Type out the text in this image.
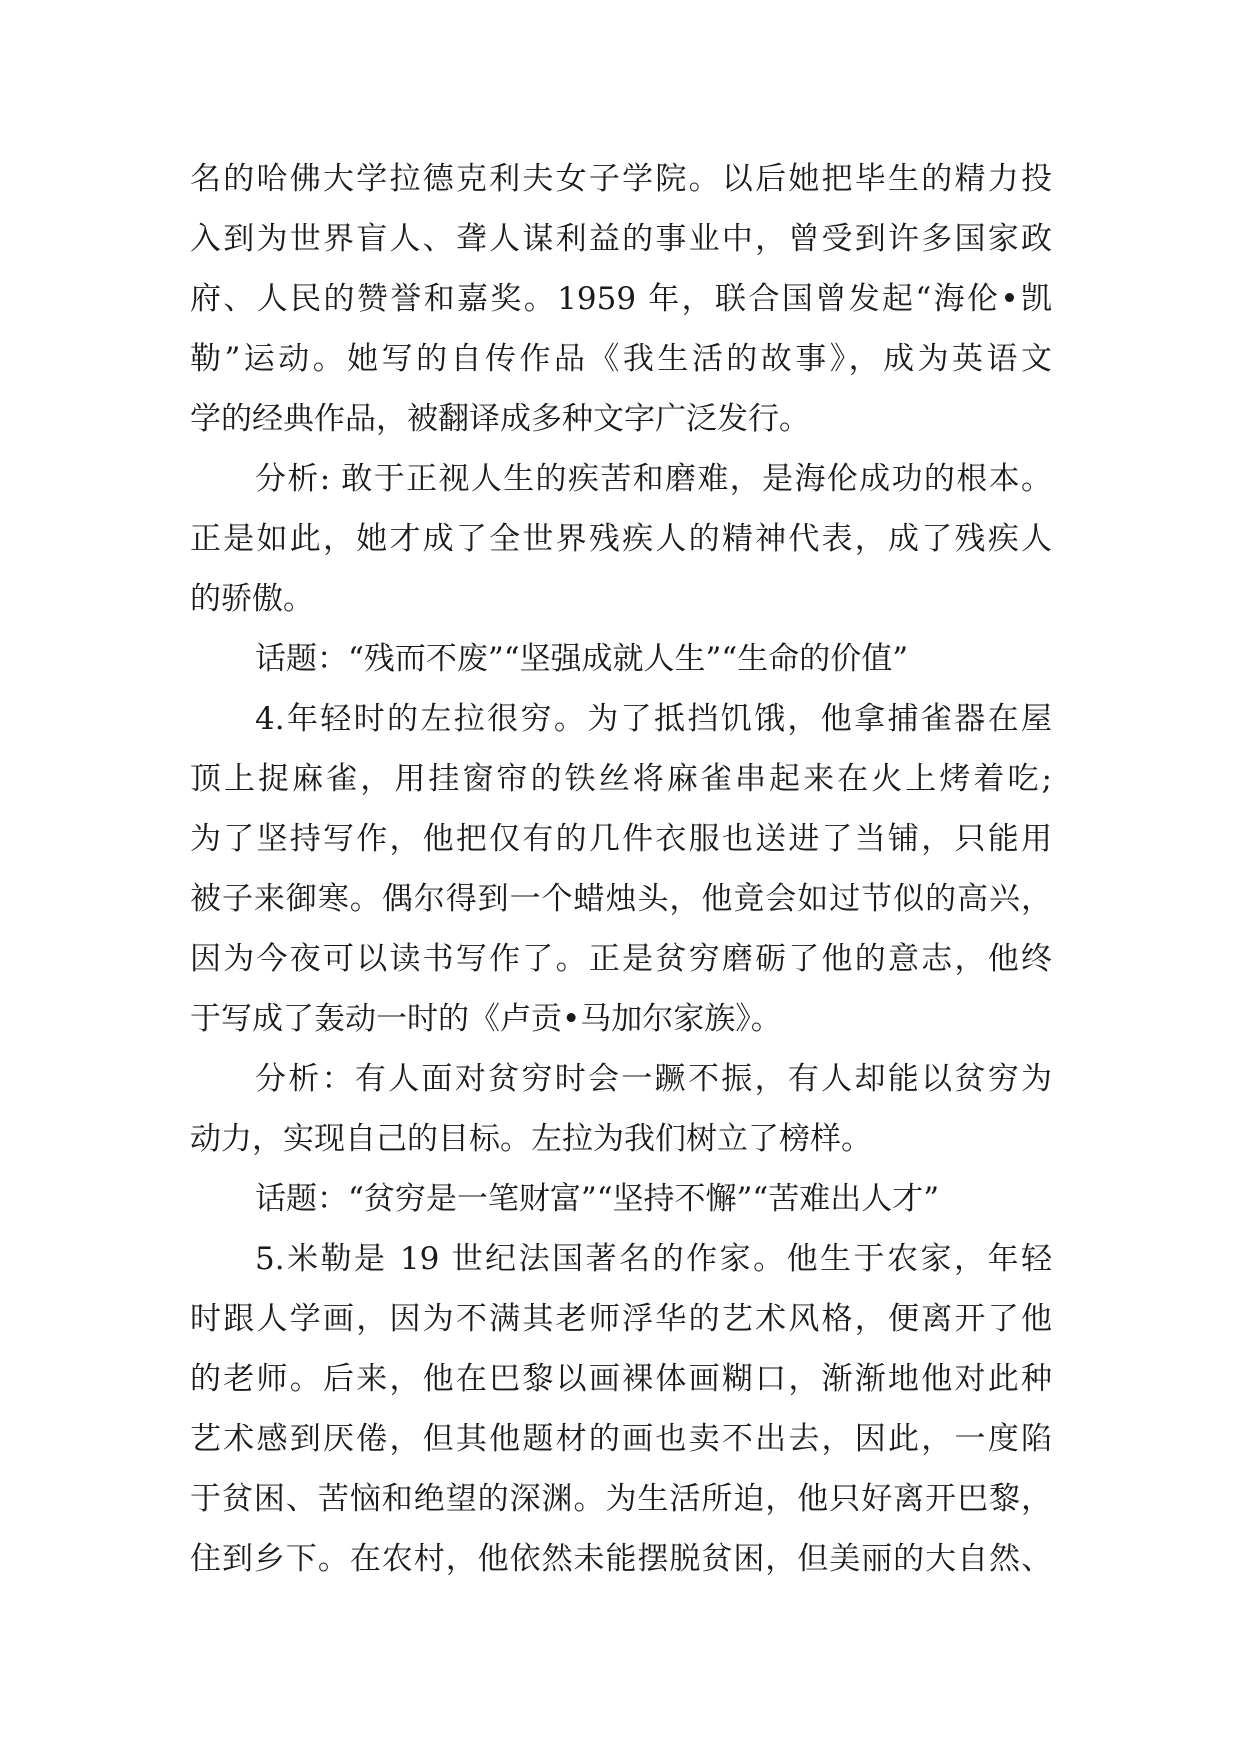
名的哈佛大学拉德克利夫女子学院。以后她把毕生的精力投
入到为世界盲人、聋人谋利益的事业中，曾受到许多国家政
府、人民的赞誉和嘉奖。1959 年，联合国曾发起“海伦•凯
勒”运动。她写的自传作品《我生活的故事》，成为英语文
学的经典作品，被翻译成多种文字广泛发行。
分析: 敢于正视人生的疾苦和磨难，是海伦成功的根本。
正是如此，她才成了全世界残疾人的精神代表，成了残疾人
的骄傲。
话题：“残而不废”“坚强成就人生”“生命的价值”
4.年轻时的左拉很穷。为了抵挡饥饿，他拿捕雀器在屋
顶上捉麻雀，用挂窗帘的铁丝将麻雀串起来在火上烤着吃;
为了坚持写作，他把仅有的几件衣服也送进了当铺，只能用
被子来御寒。偶尔得到一个蜡烛头，他竟会如过节似的高兴，
因为今夜可以读书写作了。正是贫穷磨砺了他的意志，他终
于写成了轰动一时的《卢贡•马加尔家族》。
分析：有人面对贫穷时会一蹶不振，有人却能以贫穷为
动力，实现自己的目标。左拉为我们树立了榜样。
话题：“贫穷是一笔财富”“坚持不懈”“苦难出人才”
5.米勒是 19 世纪法国著名的作家。他生于农家，年轻
时跟人学画，因为不满其老师浮华的艺术风格，便离开了他
的老师。后来，他在巴黎以画裸体画糊口，渐渐地他对此种
艺术感到厌倦，但其他题材的画也卖不出去，因此，一度陷
于贫困、苦恼和绝望的深渊。为生活所迫，他只好离开巴黎，
住到乡下。在农村，他依然未能摆脱贫困，但美丽的大自然、
